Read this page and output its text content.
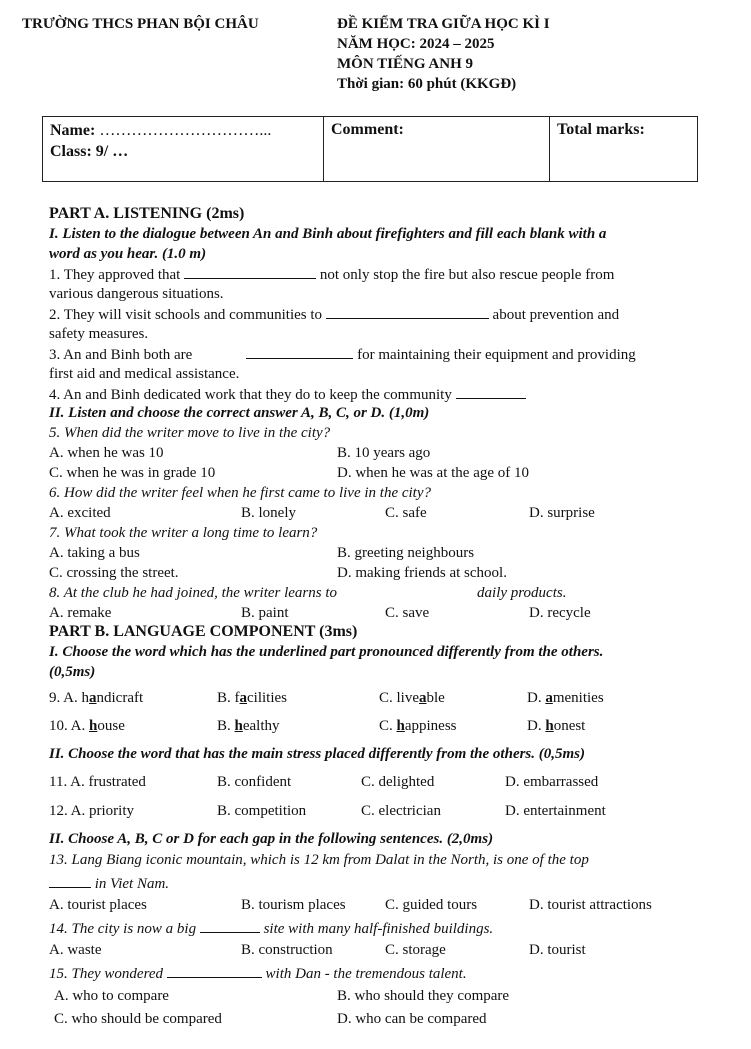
TRƯỜNG THCS PHAN BỘI CHÂU	ĐỀ KIỂM TRA GIỮA HỌC KÌ I
NĂM HỌC: 2024 – 2025
MÔN TIẾNG ANH 9
Thời gian: 60 phút (KKGĐ)
Name: …………………………...
Class: 9/ …
Comment:	Total marks:
PART A. LISTENING (2ms)
I. Listen to the dialogue between An and Binh about firefighters and fill each blank with a
word as you hear. (1.0 m)
1. They approved that	not only stop the fire but also rescue people from
various dangerous situations.
2. They will visit schools and communities to	about prevention and
safety measures.
3. An and Binh both are	for maintaining their equipment and providing
first aid and medical assistance.
4. An and Binh dedicated work that they do to keep the community
II. Listen and choose the correct answer A, B, C, or D. (1,0m)
5. When did the writer move to live in the city?
A. when he was 10	B. 10 years ago
C. when he was in grade 10	D. when he was at the age of 10
6. How did the writer feel when he first came to live in the city?
A. excited	B. lonely	C. safe	D. surprise
7. What took the writer a long time to learn?
A. taking a bus	B. greeting neighbours
C. crossing the street.	D. making friends at school.
8. At the club he had joined, the writer learns to	daily products.
A. remake	B. paint	C. save	D. recycle
PART B. LANGUAGE COMPONENT (3ms)
I. Choose the word which has the underlined part pronounced differently from the others.
(0,5ms)
9. A. handicraft	B. facilities	C. liveable	D. amenities
10. A. house	B. healthy	C. happiness	D. honest
II. Choose the word that has the main stress placed differently from the others. (0,5ms)
11. A. frustrated	B. confident	C. delighted	D. embarrassed
12. A. priority	B. competition	C. electrician	D. entertainment
II. Choose A, B, C or D for each gap in the following sentences. (2,0ms)
13. Lang Biang iconic mountain, which is 12 km from Dalat in the North, is one of the top
in Viet Nam.
A. tourist places	B. tourism places	C. guided tours	D. tourist attractions
14. The city is now a big	site with many half-finished buildings.
A. waste	B. construction	C. storage	D. tourist
15. They wondered	with Dan - the tremendous talent.
A. who to compare	B. who should they compare
C. who should be compared	D. who can be compared
